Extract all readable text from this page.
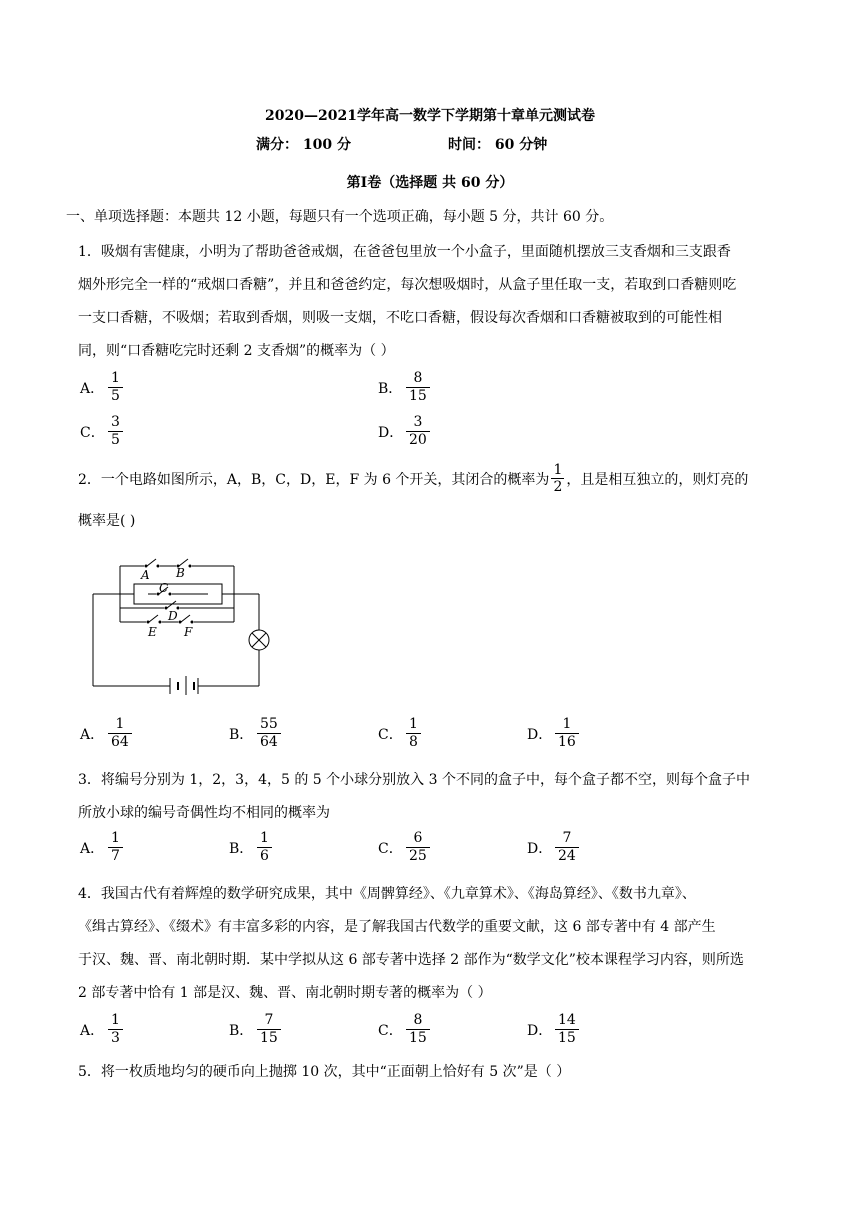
2020—2021学年高一数学下学期第十章单元测试卷
满分： 100 分	时间： 60 分钟
第Ⅰ卷（选择题 共 60 分）
一、单项选择题：本题共 12 小题，每题只有一个选项正确，每小题 5 分，共计 60 分。
1．吸烟有害健康，小明为了帮助爸爸戒烟，在爸爸包里放一个小盒子，里面随机摆放三支香烟和三支跟香
烟外形完全一样的“戒烟口香糖”，并且和爸爸约定，每次想吸烟时，从盒子里任取一支，若取到口香糖则吃
一支口香糖，不吸烟；若取到香烟，则吸一支烟，不吃口香糖，假设每次香烟和口香糖被取到的可能性相
同，则“口香糖吃完时还剩 2 支香烟”的概率为（ ）
A． $\frac{1}{5}$	B． $\frac{8}{15}$
C． $\frac{3}{5}$	D． $\frac{3}{20}$
2．一个电路如图所示，A，B，C，D，E，F 为 6 个开关，其闭合的概率为 $\frac{1}{2}$ ，且是相互独立的，则灯亮的
概率是( )
A B
C
D
E F
A． $\frac{1}{64}$	B． $\frac{55}{64}$	C． $\frac{1}{8}$	D． $\frac{1}{16}$
3．将编号分别为 1，2，3，4，5 的 5 个小球分别放入 3 个不同的盒子中，每个盒子都不空，则每个盒子中
所放小球的编号奇偶性均不相同的概率为
A． $\frac{1}{7}$	B． $\frac{1}{6}$	C． $\frac{6}{25}$	D． $\frac{7}{24}$
4．我国古代有着辉煌的数学研究成果，其中《周髀算经》、《九章算术》、《海岛算经》、《数书九章》、
《缉古算经》、《缀术》有丰富多彩的内容，是了解我国古代数学的重要文献，这 6 部专著中有 4 部产生
于汉、魏、晋、南北朝时期．某中学拟从这 6 部专著中选择 2 部作为“数学文化”校本课程学习内容，则所选
2 部专著中恰有 1 部是汉、魏、晋、南北朝时期专著的概率为（ ）
A． $\frac{1}{3}$	B． $\frac{7}{15}$	C． $\frac{8}{15}$	D． $\frac{14}{15}$
5．将一枚质地均匀的硬币向上抛掷 10 次，其中“正面朝上恰好有 5 次”是（ ）
